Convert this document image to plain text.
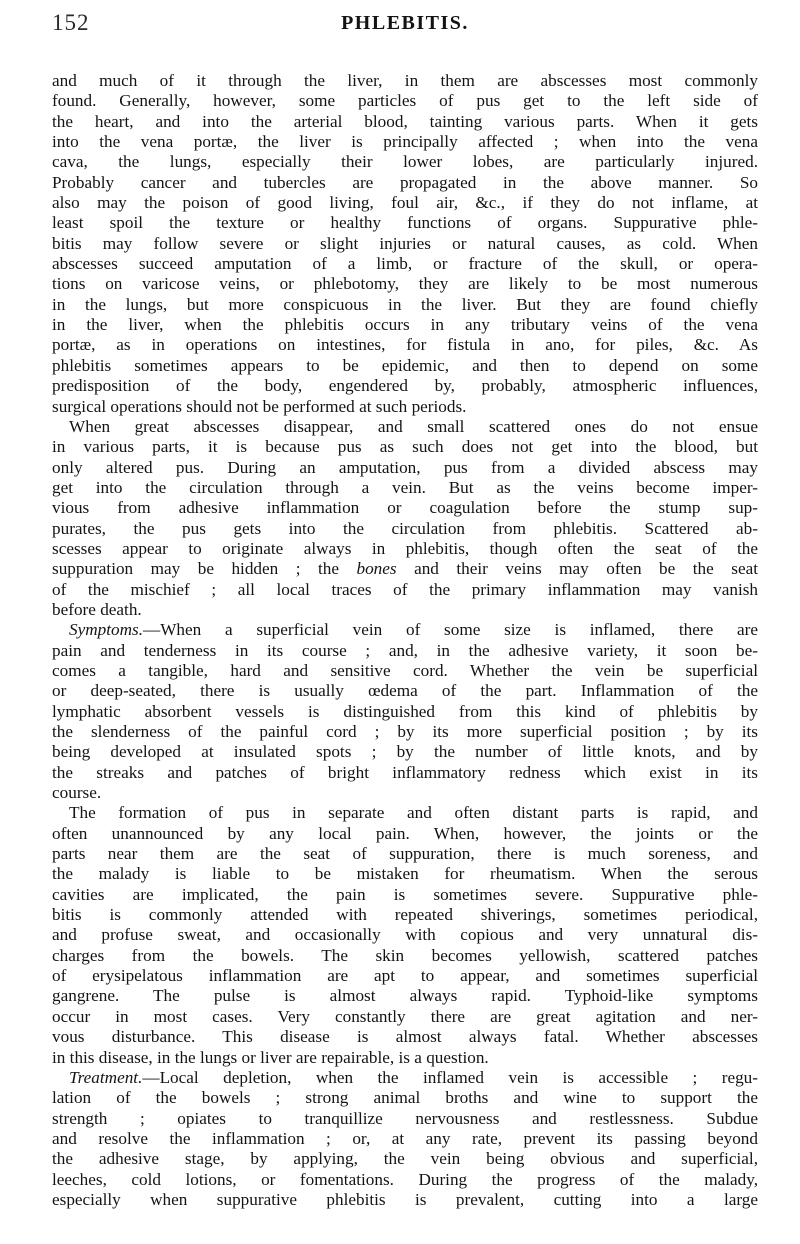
152	PHLEBITIS.
and much of it through the liver, in them are abscesses most commonly
found. Generally, however, some particles of pus get to the left side of
the heart, and into the arterial blood, tainting various parts. When it gets
into the vena portæ, the liver is principally affected ; when into the vena
cava, the lungs, especially their lower lobes, are particularly injured.
Probably cancer and tubercles are propagated in the above manner. So
also may the poison of good living, foul air, &c., if they do not inflame, at
least spoil the texture or healthy functions of organs. Suppurative phle-
bitis may follow severe or slight injuries or natural causes, as cold. When
abscesses succeed amputation of a limb, or fracture of the skull, or opera-
tions on varicose veins, or phlebotomy, they are likely to be most numerous
in the lungs, but more conspicuous in the liver. But they are found chiefly
in the liver, when the phlebitis occurs in any tributary veins of the vena
portæ, as in operations on intestines, for fistula in ano, for piles, &c. As
phlebitis sometimes appears to be epidemic, and then to depend on some
predisposition of the body, engendered by, probably, atmospheric influences,
surgical operations should not be performed at such periods.
When great abscesses disappear, and small scattered ones do not ensue
in various parts, it is because pus as such does not get into the blood, but
only altered pus. During an amputation, pus from a divided abscess may
get into the circulation through a vein. But as the veins become imper-
vious from adhesive inflammation or coagulation before the stump sup-
purates, the pus gets into the circulation from phlebitis. Scattered ab-
scesses appear to originate always in phlebitis, though often the seat of the
suppuration may be hidden ; the bones and their veins may often be the seat
of the mischief ; all local traces of the primary inflammation may vanish
before death.
Symptoms.—When a superficial vein of some size is inflamed, there are
pain and tenderness in its course ; and, in the adhesive variety, it soon be-
comes a tangible, hard and sensitive cord. Whether the vein be superficial
or deep-seated, there is usually œdema of the part. Inflammation of the
lymphatic absorbent vessels is distinguished from this kind of phlebitis by
the slenderness of the painful cord ; by its more superficial position ; by its
being developed at insulated spots ; by the number of little knots, and by
the streaks and patches of bright inflammatory redness which exist in its
course.
The formation of pus in separate and often distant parts is rapid, and
often unannounced by any local pain. When, however, the joints or the
parts near them are the seat of suppuration, there is much soreness, and
the malady is liable to be mistaken for rheumatism. When the serous
cavities are implicated, the pain is sometimes severe. Suppurative phle-
bitis is commonly attended with repeated shiverings, sometimes periodical,
and profuse sweat, and occasionally with copious and very unnatural dis-
charges from the bowels. The skin becomes yellowish, scattered patches
of erysipelatous inflammation are apt to appear, and sometimes superficial
gangrene. The pulse is almost always rapid. Typhoid-like symptoms
occur in most cases. Very constantly there are great agitation and ner-
vous disturbance. This disease is almost always fatal. Whether abscesses
in this disease, in the lungs or liver are repairable, is a question.
Treatment.—Local depletion, when the inflamed vein is accessible ; regu-
lation of the bowels ; strong animal broths and wine to support the
strength ; opiates to tranquillize nervousness and restlessness. Subdue
and resolve the inflammation ; or, at any rate, prevent its passing beyond
the adhesive stage, by applying, the vein being obvious and superficial,
leeches, cold lotions, or fomentations. During the progress of the malady,
especially when suppurative phlebitis is prevalent, cutting into a large
